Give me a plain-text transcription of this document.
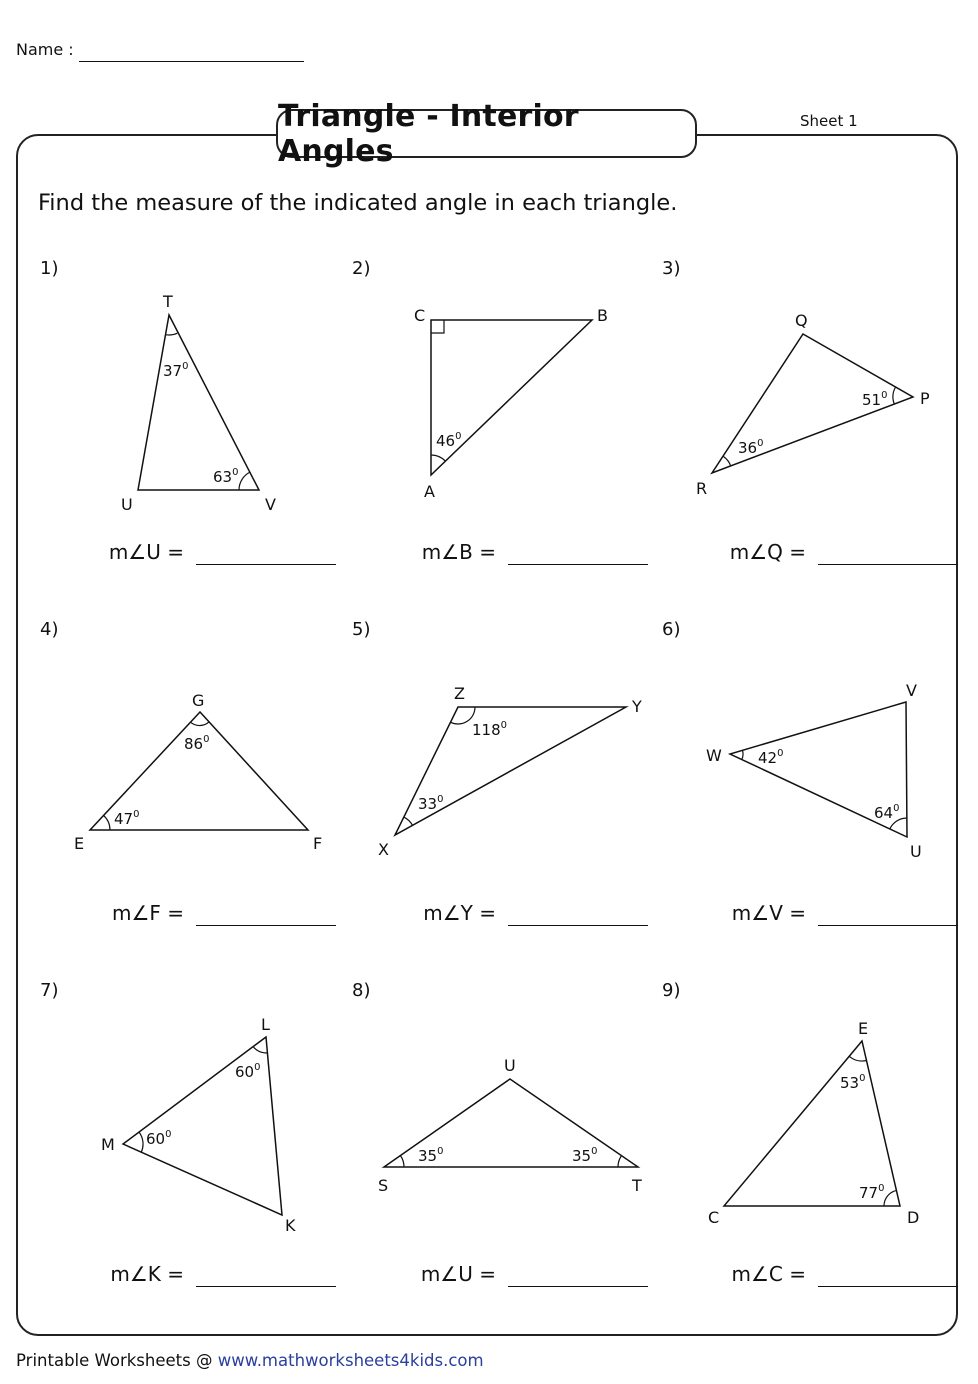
Name :
Triangle - Interior Angles
Sheet 1
Find the measure of the indicated angle in each triangle.
1)
T
U	V
$37^0$
$63^0$
m∠U =
2)
C	B
A
$46^0$
m∠B =
3)
Q
P
R
$51^0$
$36^0$
m∠Q =
4)
G
E	F
$86^0$
$47^0$
m∠F =
5)
Z
Y
X
$118^0$
$33^0$
m∠Y =
6)
V
W
U
$42^0$
$64^0$
m∠V =
7)
L
M
K
$60^0$
$60^0$
m∠K =
8)
U
S	T
$35^0$	$35^0$
m∠U =
9)
E
C	D
$53^0$
$77^0$
m∠C =
Printable Worksheets @ www.mathworksheets4kids.com
